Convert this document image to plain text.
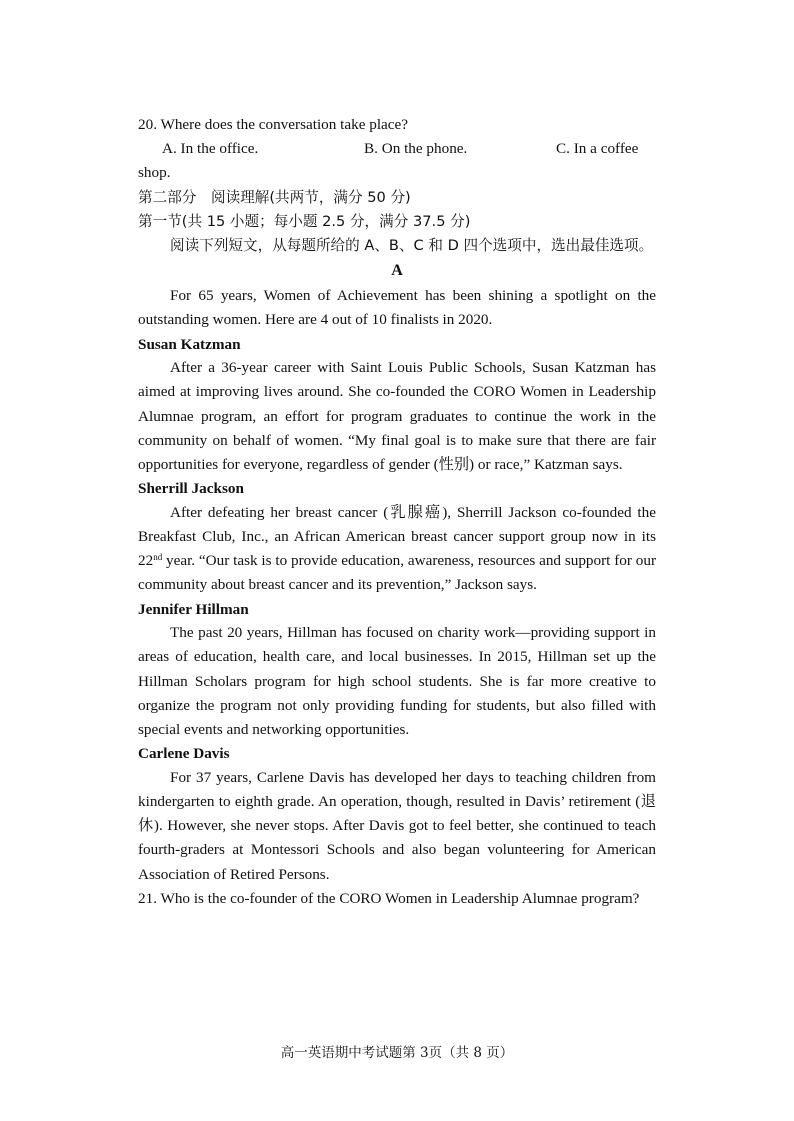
20. Where does the conversation take place?
A. In the office.	B. On the phone.	C. In a coffee
shop.
第二部分　阅读理解(共两节，满分 50 分)
第一节(共 15 小题；每小题 2.5 分，满分 37.5 分)
阅读下列短文，从每题所给的 A、B、C 和 D 四个选项中，选出最佳选项。
A
For 65 years, Women of Achievement has been shining a spotlight on the outstanding women. Here are 4 out of 10 finalists in 2020.
Susan Katzman
After a 36-year career with Saint Louis Public Schools, Susan Katzman has aimed at improving lives around. She co-founded the CORO Women in Leadership Alumnae program, an effort for program graduates to continue the work in the community on behalf of women. “My final goal is to make sure that there are fair opportunities for everyone, regardless of gender (性别) or race,” Katzman says.
Sherrill Jackson
After defeating her breast cancer (乳腺癌), Sherrill Jackson co-founded the Breakfast Club, Inc., an African American breast cancer support group now in its 22nd year. “Our task is to provide education, awareness, resources and support for our community about breast cancer and its prevention,” Jackson says.
Jennifer Hillman
The past 20 years, Hillman has focused on charity work—providing support in areas of education, health care, and local businesses. In 2015, Hillman set up the Hillman Scholars program for high school students. She is far more creative to organize the program not only providing funding for students, but also filled with special events and networking opportunities.
Carlene Davis
For 37 years, Carlene Davis has developed her days to teaching children from kindergarten to eighth grade. An operation, though, resulted in Davis’ retirement (退休). However, she never stops. After Davis got to feel better, she continued to teach fourth-graders at Montessori Schools and also began volunteering for American Association of Retired Persons.
21. Who is the co-founder of the CORO Women in Leadership Alumnae program?
高一英语期中考试题第 3页（共 8 页）
